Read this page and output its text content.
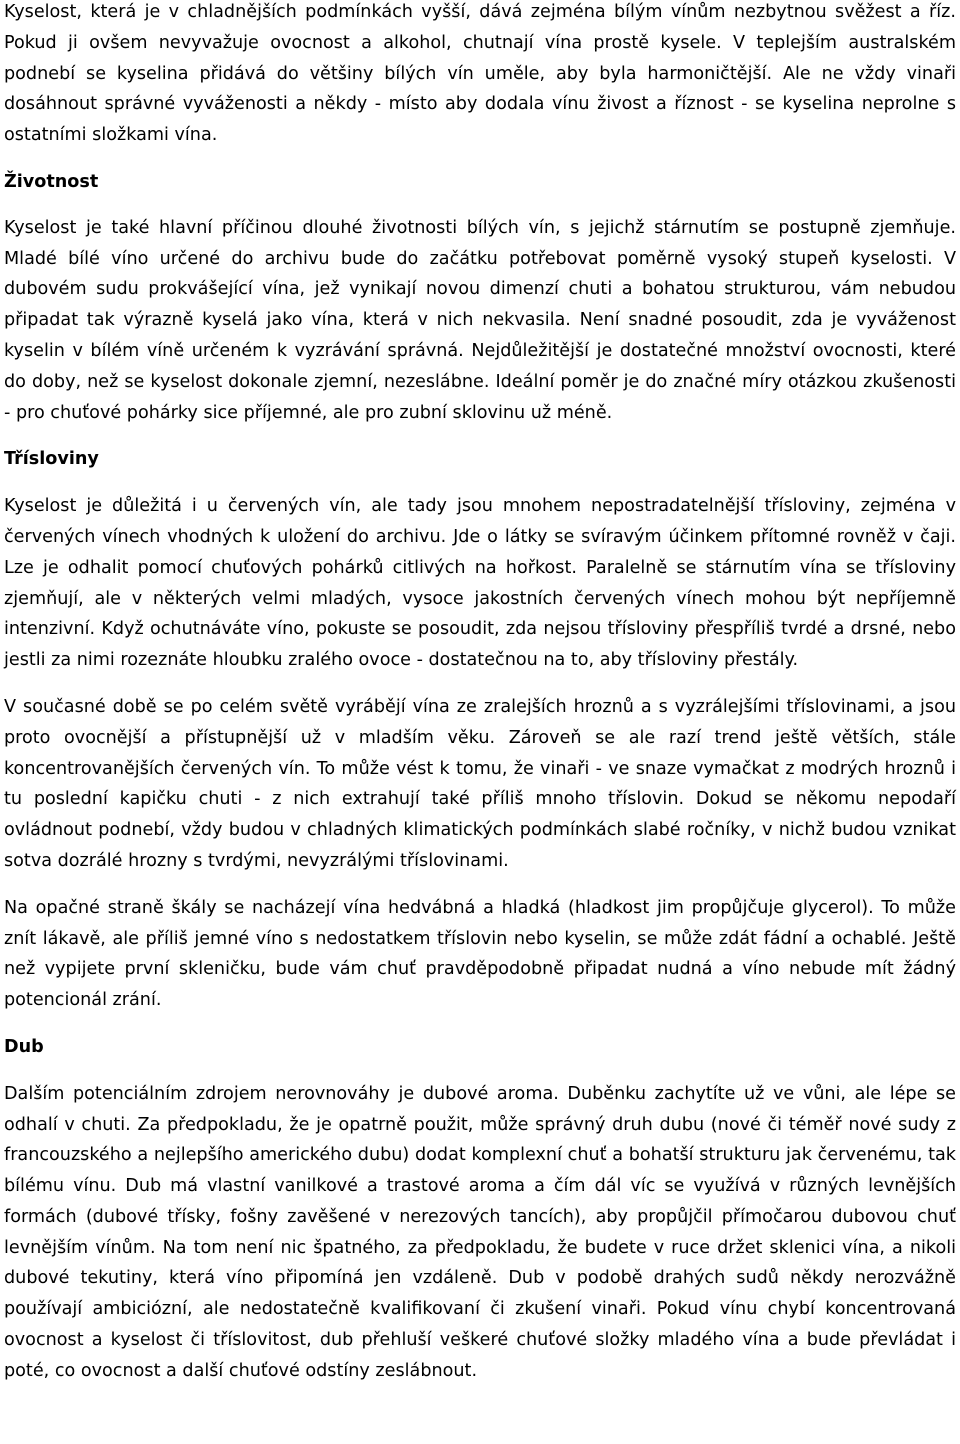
Kyselost, která je v chladnějších podmínkách vyšší, dává zejména bílým vínům nezbytnou svěžest a říz. Pokud ji ovšem nevyvažuje ovocnost a alkohol, chutnají vína prostě kysele. V teplejším australském podnebí se kyselina přidává do většiny bílých vín uměle, aby byla harmoničtější. Ale ne vždy vinaři dosáhnout správné vyváženosti a někdy - místo aby dodala vínu živost a říznost - se kyselina neprolne s ostatními složkami vína.

Životnost

Kyselost je také hlavní příčinou dlouhé životnosti bílých vín, s jejichž stárnutím se postupně zjemňuje. Mladé bílé víno určené do archivu bude do začátku potřebovat poměrně vysoký stupeň kyselosti. V dubovém sudu prokvášející vína, jež vynikají novou dimenzí chuti a bohatou strukturou, vám nebudou připadat tak výrazně kyselá jako vína, která v nich nekvasila. Není snadné posoudit, zda je vyváženost kyselin v bílém víně určeném k vyzrávání správná. Nejdůležitější je dostatečné množství ovocnosti, které do doby, než se kyselost dokonale zjemní, nezeslábne. Ideální poměr je do značné míry otázkou zkušenosti - pro chuťové pohárky sice příjemné, ale pro zubní sklovinu už méně.

Třísloviny

Kyselost je důležitá i u červených vín, ale tady jsou mnohem nepostradatelnější třísloviny, zejména v červených vínech vhodných k uložení do archivu. Jde o látky se svíravým účinkem přítomné rovněž v čaji. Lze je odhalit pomocí chuťových pohárků citlivých na hořkost. Paralelně se stárnutím vína se třísloviny zjemňují, ale v některých velmi mladých, vysoce jakostních červených vínech mohou být nepříjemně intenzivní. Když ochutnáváte víno, pokuste se posoudit, zda nejsou třísloviny přespříliš tvrdé a drsné, nebo jestli za nimi rozeznáte hloubku zralého ovoce - dostatečnou na to, aby třísloviny přestály.

V současné době se po celém světě vyrábějí vína ze zralejších hroznů a s vyzrálejšími tříslovinami, a jsou proto ovocnější a přístupnější už v mladším věku. Zároveň se ale razí trend ještě větších, stále koncentrovanějších červených vín. To může vést k tomu, že vinaři - ve snaze vymačkat z modrých hroznů i tu poslední kapičku chuti - z nich extrahují také příliš mnoho tříslovin. Dokud se někomu nepodaří ovládnout podnebí, vždy budou v chladných klimatických podmínkách slabé ročníky, v nichž budou vznikat sotva dozrálé hrozny s tvrdými, nevyzrálými tříslovinami.

Na opačné straně škály se nacházejí vína hedvábná a hladká (hladkost jim propůjčuje glycerol). To může znít lákavě, ale příliš jemné víno s nedostatkem tříslovin nebo kyselin, se může zdát fádní a ochablé. Ještě než vypijete první skleničku, bude vám chuť pravděpodobně připadat nudná a víno nebude mít žádný potencionál zrání.

Dub

Dalším potenciálním zdrojem nerovnováhy je dubové aroma. Duběnku zachytíte už ve vůni, ale lépe se odhalí v chuti. Za předpokladu, že je opatrně použit, může správný druh dubu (nové či téměř nové sudy z francouzského a nejlepšího amerického dubu) dodat komplexní chuť a bohatší strukturu jak červenému, tak bílému vínu. Dub má vlastní vanilkové a trastové aroma a čím dál víc se využívá v různých levnějších formách (dubové třísky, fošny zavěšené v nerezových tancích), aby propůjčil přímočarou dubovou chuť levnějším vínům. Na tom není nic špatného, za předpokladu, že budete v ruce držet sklenici vína, a nikoli dubové tekutiny, která víno připomíná jen vzdáleně. Dub v podobě drahých sudů někdy nerozvážně používají ambiciózní, ale nedostatečně kvalifikovaní či zkušení vinaři. Pokud vínu chybí koncentrovaná ovocnost a kyselost či tříslovitost, dub přehluší veškeré chuťové složky mladého vína a bude převládat i poté, co ovocnost a další chuťové odstíny zeslábnout.
